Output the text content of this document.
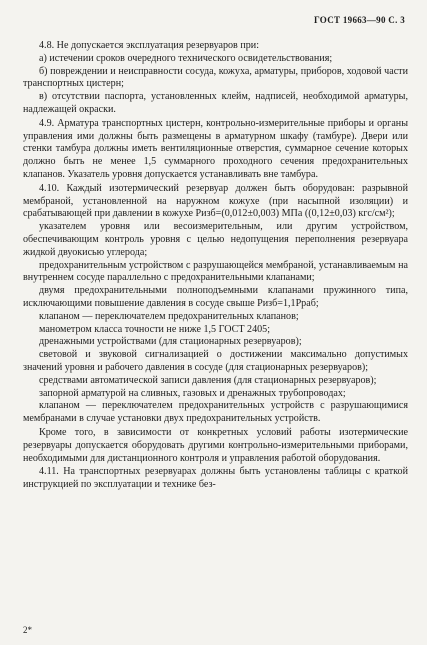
ГОСТ 19663—90 С. 3

4.8. Не допускается эксплуатация резервуаров при:

а) истечении сроков очередного технического освидетельствования;

б) повреждении и неисправности сосуда, кожуха, арматуры, приборов, ходовой части транспортных цистерн;

в) отсутствии паспорта, установленных клейм, надписей, необходимой арматуры, надлежащей окраски.

4.9. Арматура транспортных цистерн, контрольно-измерительные приборы и органы управления ими должны быть размещены в арматурном шкафу (тамбуре). Двери или стенки тамбура должны иметь вентиляционные отверстия, суммарное сечение которых должно быть не менее 1,5 суммарного проходного сечения предохранительных клапанов. Указатель уровня допускается устанавливать вне тамбура.

4.10. Каждый изотермический резервуар должен быть оборудован: разрывной мембраной, установленной на наружном кожухе (при насыпной изоляции) и срабатывающей при давлении в кожухе Pизб=(0,012±0,003) МПа ((0,12±0,03) кгс/см²);

указателем уровня или весоизмерительным, или другим устройством, обеспечивающим контроль уровня с целью недопущения переполнения резервуара жидкой двуокисью углерода;

предохранительным устройством с разрушающейся мембраной, устанавливаемым на внутреннем сосуде параллельно с предохранительными клапанами;

двумя предохранительными полноподъемными клапанами пружинного типа, исключающими повышение давления в сосуде свыше Pизб=1,1Pраб;

клапаном — переключателем предохранительных клапанов;

манометром класса точности не ниже 1,5 ГОСТ 2405;

дренажными устройствами (для стационарных резервуаров);

световой и звуковой сигнализацией о достижении максимально допустимых значений уровня и рабочего давления в сосуде (для стационарных резервуаров);

средствами автоматической записи давления (для стационарных резервуаров);

запорной арматурой на сливных, газовых и дренажных трубопроводах;

клапаном — переключателем предохранительных устройств с разрушающимися мембранами в случае установки двух предохранительных устройств.

Кроме того, в зависимости от конкретных условий работы изотермические резервуары допускается оборудовать другими контрольно-измерительными приборами, необходимыми для дистанционного контроля и управления работой оборудования.

4.11. На транспортных резервуарах должны быть установлены таблицы с краткой инструкцией по эксплуатации и технике без-

2*
